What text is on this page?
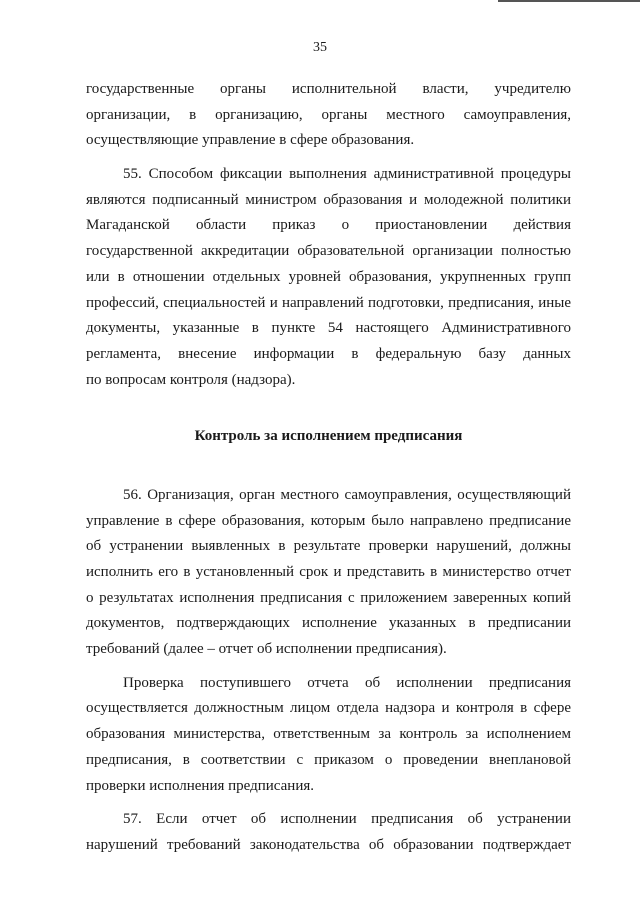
35
государственные органы исполнительной власти, учредителю
организации, в организацию, органы местного самоуправления,
осуществляющие управление в сфере образования.
55. Способом фиксации выполнения административной процедуры
являются подписанный министром образования и молодежной политики
Магаданской области приказ о приостановлении действия
государственной аккредитации образовательной организации полностью
или в отношении отдельных уровней образования, укрупненных групп
профессий, специальностей и направлений подготовки, предписания, иные
документы, указанные в пункте 54 настоящего Административного
регламента, внесение информации в федеральную базу данных
по вопросам контроля (надзора).
Контроль за исполнением предписания
56. Организация, орган местного самоуправления, осуществляющий
управление в сфере образования, которым было направлено предписание
об устранении выявленных в результате проверки нарушений, должны
исполнить его в установленный срок и представить в министерство отчет
о результатах исполнения предписания с приложением заверенных копий
документов, подтверждающих исполнение указанных в предписании
требований (далее – отчет об исполнении предписания).
Проверка поступившего отчета об исполнении предписания
осуществляется должностным лицом отдела надзора и контроля в сфере
образования министерства, ответственным за контроль за исполнением
предписания, в соответствии с приказом о проведении внеплановой
проверки исполнения предписания.
57. Если отчет об исполнении предписания об устранении
нарушений требований законодательства об образовании подтверждает
